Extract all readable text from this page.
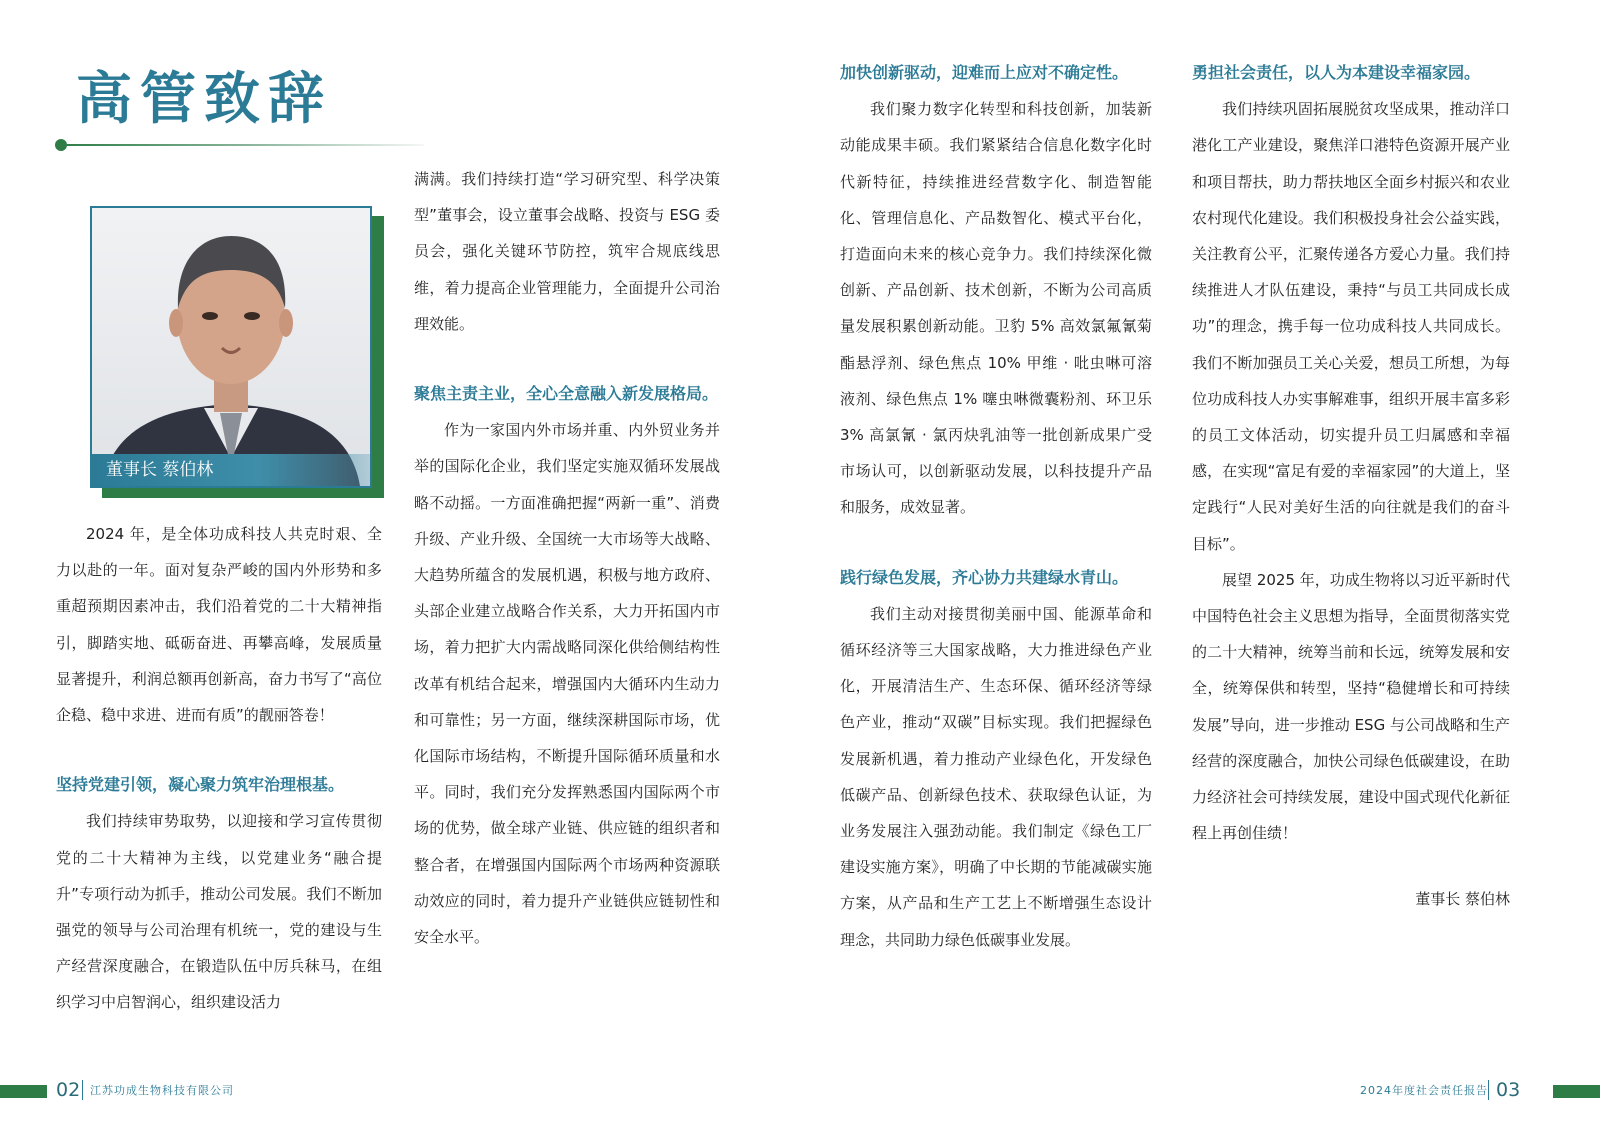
高管致辞
董事长 蔡伯林

2024 年，是全体功成科技人共克时艰、全力以赴的一年。面对复杂严峻的国内外形势和多重超预期因素冲击，我们沿着党的二十大精神指引，脚踏实地、砥砺奋进、再攀高峰，发展质量显著提升，利润总额再创新高，奋力书写了“高位企稳、稳中求进、进而有质”的靓丽答卷！

坚持党建引领，凝心聚力筑牢治理根基。

我们持续审势取势，以迎接和学习宣传贯彻党的二十大精神为主线，以党建业务“融合提升”专项行动为抓手，推动公司发展。我们不断加强党的领导与公司治理有机统一，党的建设与生产经营深度融合，在锻造队伍中厉兵秣马，在组织学习中启智润心，组织建设活力

满满。我们持续打造“学习研究型、科学决策型”董事会，设立董事会战略、投资与 ESG 委员会，强化关键环节防控，筑牢合规底线思维，着力提高企业管理能力，全面提升公司治理效能。

聚焦主责主业，全心全意融入新发展格局。

作为一家国内外市场并重、内外贸业务并举的国际化企业，我们坚定实施双循环发展战略不动摇。一方面准确把握“两新一重”、消费升级、产业升级、全国统一大市场等大战略、大趋势所蕴含的发展机遇，积极与地方政府、头部企业建立战略合作关系，大力开拓国内市场，着力把扩大内需战略同深化供给侧结构性改革有机结合起来，增强国内大循环内生动力和可靠性；另一方面，继续深耕国际市场，优化国际市场结构，不断提升国际循环质量和水平。同时，我们充分发挥熟悉国内国际两个市场的优势，做全球产业链、供应链的组织者和整合者，在增强国内国际两个市场两种资源联动效应的同时，着力提升产业链供应链韧性和安全水平。

加快创新驱动，迎难而上应对不确定性。

我们聚力数字化转型和科技创新，加装新动能成果丰硕。我们紧紧结合信息化数字化时代新特征，持续推进经营数字化、制造智能化、管理信息化、产品数智化、模式平台化，打造面向未来的核心竞争力。我们持续深化微创新、产品创新、技术创新，不断为公司高质量发展积累创新动能。卫豹 5% 高效氯氟氰菊酯悬浮剂、绿色焦点 10% 甲维 · 吡虫啉可溶液剂、绿色焦点 1% 噻虫啉微囊粉剂、环卫乐 3% 高氯氰 · 氯丙炔乳油等一批创新成果广受市场认可，以创新驱动发展，以科技提升产品和服务，成效显著。

践行绿色发展，齐心协力共建绿水青山。

我们主动对接贯彻美丽中国、能源革命和循环经济等三大国家战略，大力推进绿色产业化，开展清洁生产、生态环保、循环经济等绿色产业，推动“双碳”目标实现。我们把握绿色发展新机遇，着力推动产业绿色化，开发绿色低碳产品、创新绿色技术、获取绿色认证，为业务发展注入强劲动能。我们制定《绿色工厂建设实施方案》，明确了中长期的节能减碳实施方案，从产品和生产工艺上不断增强生态设计理念，共同助力绿色低碳事业发展。

勇担社会责任，以人为本建设幸福家园。

我们持续巩固拓展脱贫攻坚成果，推动洋口港化工产业建设，聚焦洋口港特色资源开展产业和项目帮扶，助力帮扶地区全面乡村振兴和农业农村现代化建设。我们积极投身社会公益实践，关注教育公平，汇聚传递各方爱心力量。我们持续推进人才队伍建设，秉持“与员工共同成长成功”的理念，携手每一位功成科技人共同成长。我们不断加强员工关心关爱，想员工所想，为每位功成科技人办实事解难事，组织开展丰富多彩的员工文体活动，切实提升员工归属感和幸福感，在实现“富足有爱的幸福家园”的大道上，坚定践行“人民对美好生活的向往就是我们的奋斗目标”。

展望 2025 年，功成生物将以习近平新时代中国特色社会主义思想为指导，全面贯彻落实党的二十大精神，统筹当前和长远，统筹发展和安全，统筹保供和转型，坚持“稳健增长和可持续发展”导向，进一步推动 ESG 与公司战略和生产经营的深度融合，加快公司绿色低碳建设，在助力经济社会可持续发展，建设中国式现代化新征程上再创佳绩！

董事长 蔡伯林
02 江苏功成生物科技有限公司	2024年度社会责任报告 03
